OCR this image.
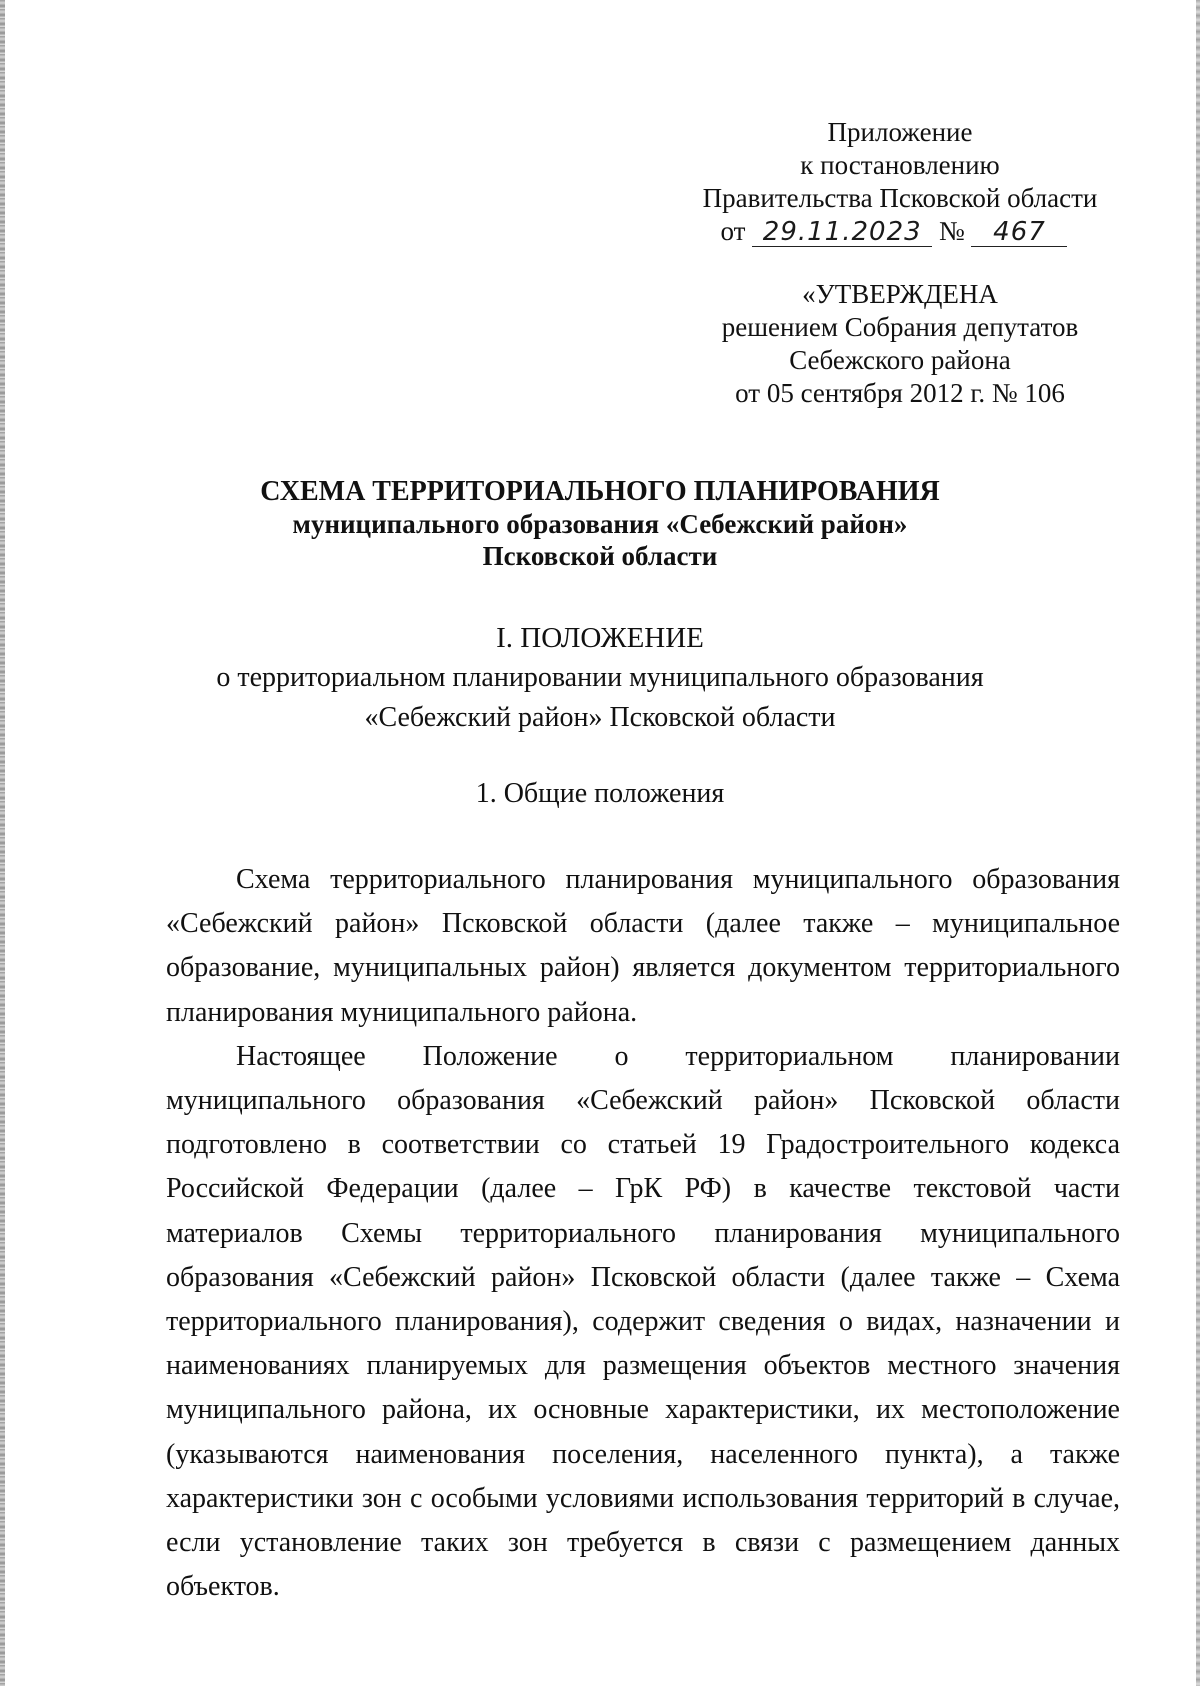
Приложение
к постановлению
Правительства Псковской области
от 29.11.2023 № 467
«УТВЕРЖДЕНА
решением Собрания депутатов
Себежского района
от 05 сентября 2012 г. № 106
СХЕМА ТЕРРИТОРИАЛЬНОГО ПЛАНИРОВАНИЯ
муниципального образования «Себежский район»
Псковской области
I. ПОЛОЖЕНИЕ
о территориальном планировании муниципального образования
«Себежский район» Псковской области
1. Общие положения

Схема территориального планирования муниципального образования «Себежский район» Псковской области (далее также – муниципальное образование, муниципальных район) является документом территориального планирования муниципального района.

Настоящее Положение о территориальном планировании муниципального образования «Себежский район» Псковской области подготовлено в соответствии со статьей 19 Градостроительного кодекса Российской Федерации (далее – ГрК РФ) в качестве текстовой части материалов Схемы территориального планирования муниципального образования «Себежский район» Псковской области (далее также – Схема территориального планирования), содержит сведения о видах, назначении и наименованиях планируемых для размещения объектов местного значения муниципального района, их основные характеристики, их местоположение (указываются наименования поселения, населенного пункта), а также характеристики зон с особыми условиями использования территорий в случае, если установление таких зон требуется в связи с размещением данных объектов.
